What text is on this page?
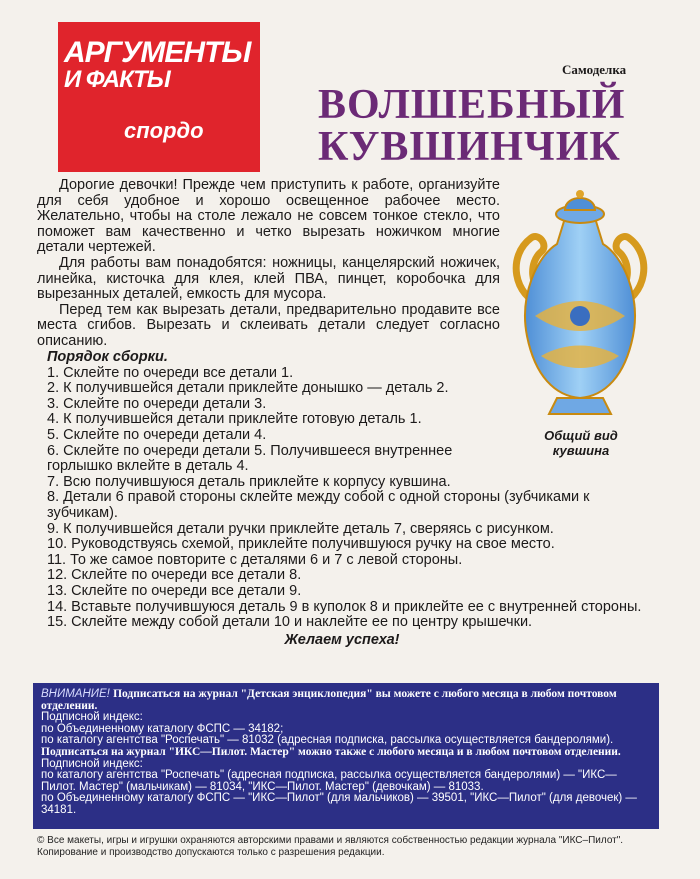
АРГУМЕНТЫ
И ФАКТЫ
спордо
Самоделка
ВОЛШЕБНЫЙ
КУВШИНЧИК

Дорогие девочки! Прежде чем приступить к работе, организуйте для себя удобное и хорошо освещенное рабочее место. Желательно, чтобы на столе лежало не совсем тонкое стекло, что поможет вам качественно и четко вырезать ножичком многие детали чертежей.

Для работы вам понадобятся: ножницы, канцелярский ножичек, линейка, кисточка для клея, клей ПВА, пинцет, коробочка для вырезанных деталей, емкость для мусора.

Перед тем как вырезать детали, предварительно продавите все места сгибов. Вырезать и склеивать детали следует согласно описанию.

Общий вид кувшина
Порядок сборки.
1. Склейте по очереди все детали 1.
2. К получившейся детали приклейте донышко — деталь 2.
3. Склейте по очереди детали 3.
4. К получившейся детали приклейте готовую деталь 1.
5. Склейте по очереди детали 4.
6. Склейте по очереди детали 5. Получившееся внутреннее горлышко вклейте в деталь 4.
7. Всю получившуюся деталь приклейте к корпусу кувшина.
8. Детали 6 правой стороны склейте между собой с одной стороны (зубчиками к зубчикам).
9. К получившейся детали ручки приклейте деталь 7, сверяясь с рисунком.
10. Руководствуясь схемой, приклейте получившуюся ручку на свое место.
11. То же самое повторите с деталями 6 и 7 с левой стороны.
12. Склейте по очереди все детали 8.
13. Склейте по очереди все детали 9.
14. Вставьте получившуюся деталь 9 в куполок 8 и приклейте ее с внутренней стороны.
15. Склейте между собой детали 10 и наклейте ее по центру крышечки.
Желаем успеха!
ВНИМАНИЕ! Подписаться на журнал "Детская энциклопедия" вы можете с любого месяца в любом почтовом отделении.
Подписной индекс:
по Объединенному каталогу ФСПС — 34182;
по каталогу агентства "Роспечать" — 81032 (адресная подписка, рассылка осуществляется бандеролями).
Подписаться на журнал "ИКС—Пилот. Мастер" можно также с любого месяца и в любом почтовом отделении.
Подписной индекс:
по каталогу агентства "Роспечать" (адресная подписка, рассылка осуществляется бандеролями) — "ИКС—Пилот. Мастер" (мальчикам) — 81034, "ИКС—Пилот. Мастер" (девочкам) — 81033.
по Объединенному каталогу ФСПС — "ИКС—Пилот" (для мальчиков) — 39501, "ИКС—Пилот" (для девочек) — 34181.
© Все макеты, игры и игрушки охраняются авторскими правами и являются собственностью редакции журнала "ИКС–Пилот".
Копирование и производство допускаются только с разрешения редакции.
